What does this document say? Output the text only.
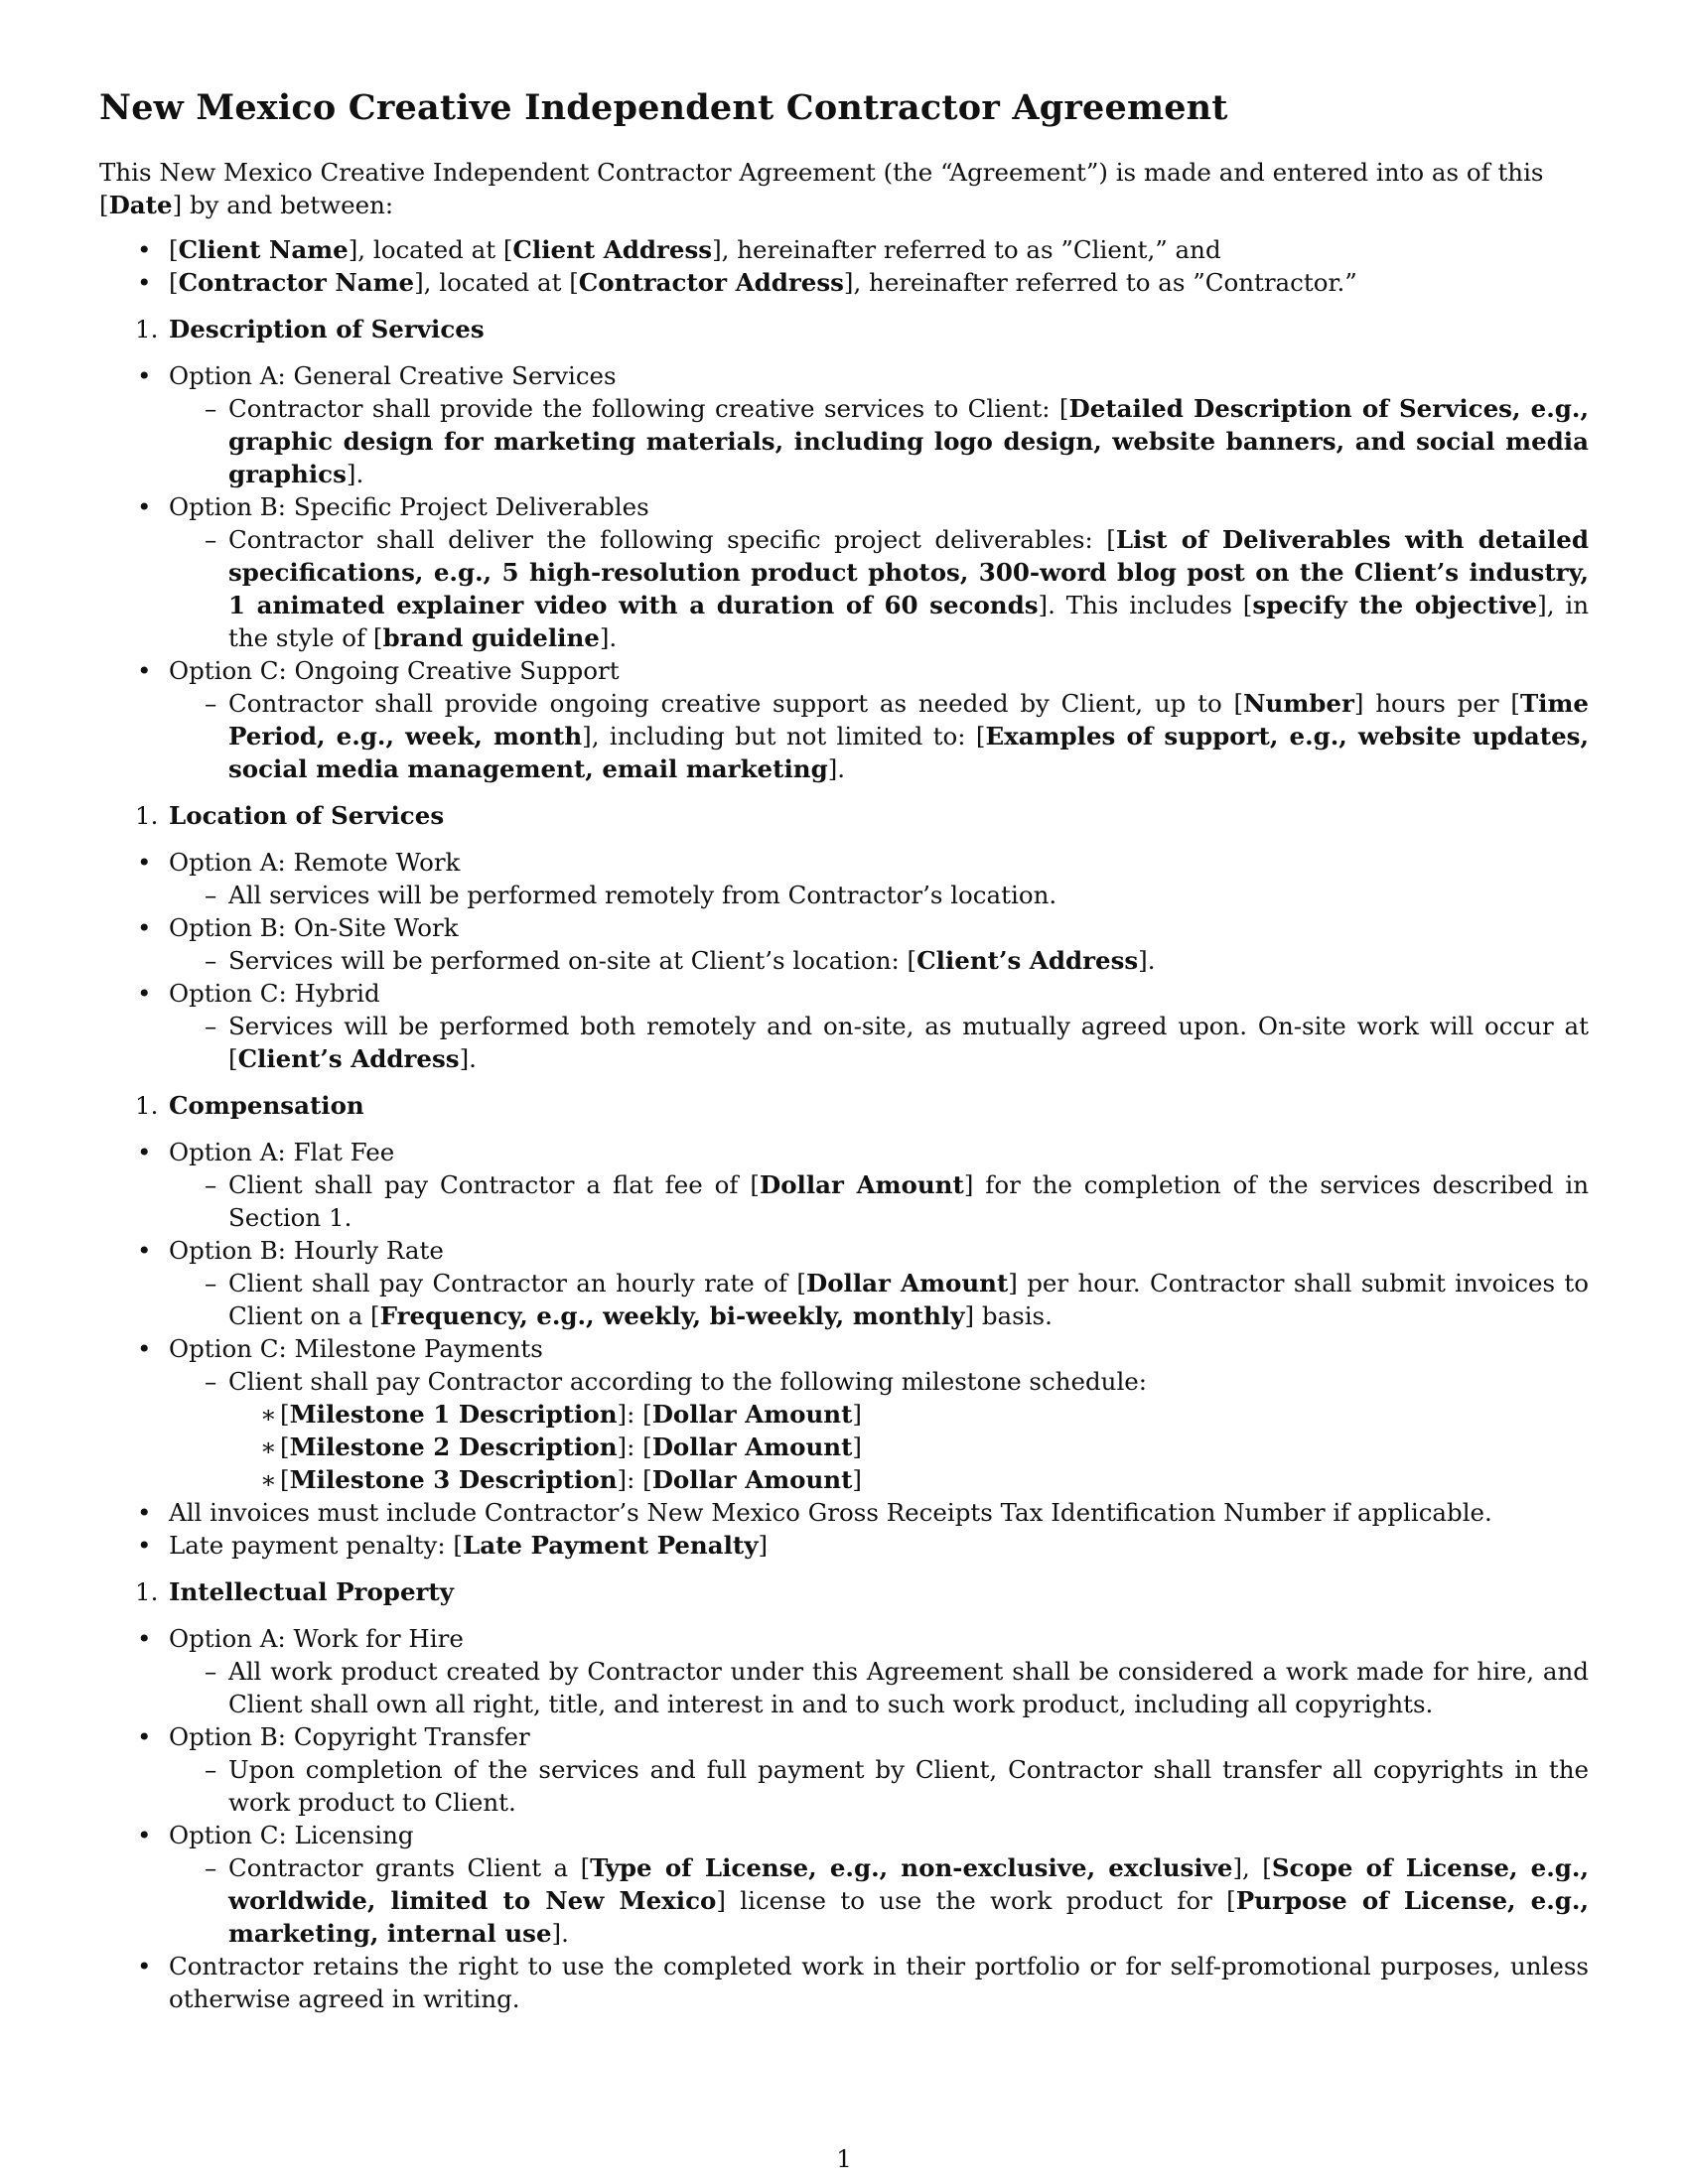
New Mexico Creative Independent Contractor Agreement

This New Mexico Creative Independent Contractor Agreement (the “Agreement”) is made and entered into as of this [Date] by and between:

• [Client Name], located at [Client Address], hereinafter referred to as ”Client,” and
• [Contractor Name], located at [Contractor Address], hereinafter referred to as ”Contractor.”
1. Description of Services
• Option A: General Creative Services
– Contractor shall provide the following creative services to Client: [Detailed Description of Services, e.g., graphic design for marketing materials, including logo design, website banners, and social media graphics].
• Option B: Specific Project Deliverables
– Contractor shall deliver the following specific project deliverables: [List of Deliverables with detailed specifications, e.g., 5 high-resolution product photos, 300-word blog post on the Client’s industry, 1 animated explainer video with a duration of 60 seconds]. This includes [specify the objective], in the style of [brand guideline].
• Option C: Ongoing Creative Support
– Contractor shall provide ongoing creative support as needed by Client, up to [Number] hours per [Time Period, e.g., week, month], including but not limited to: [Examples of support, e.g., website updates, social media management, email marketing].
1. Location of Services
• Option A: Remote Work
– All services will be performed remotely from Contractor’s location.
• Option B: On-Site Work
– Services will be performed on-site at Client’s location: [Client’s Address].
• Option C: Hybrid
– Services will be performed both remotely and on-site, as mutually agreed upon. On-site work will occur at [Client’s Address].
1. Compensation
• Option A: Flat Fee
– Client shall pay Contractor a flat fee of [Dollar Amount] for the completion of the services described in Section 1.
• Option B: Hourly Rate
– Client shall pay Contractor an hourly rate of [Dollar Amount] per hour. Contractor shall submit invoices to Client on a [Frequency, e.g., weekly, bi-weekly, monthly] basis.
• Option C: Milestone Payments
– Client shall pay Contractor according to the following milestone schedule:
∗ [Milestone 1 Description]: [Dollar Amount]
∗ [Milestone 2 Description]: [Dollar Amount]
∗ [Milestone 3 Description]: [Dollar Amount]
• All invoices must include Contractor’s New Mexico Gross Receipts Tax Identification Number if applicable.
• Late payment penalty: [Late Payment Penalty]
1. Intellectual Property
• Option A: Work for Hire
– All work product created by Contractor under this Agreement shall be considered a work made for hire, and Client shall own all right, title, and interest in and to such work product, including all copyrights.
• Option B: Copyright Transfer
– Upon completion of the services and full payment by Client, Contractor shall transfer all copyrights in the work product to Client.
• Option C: Licensing
– Contractor grants Client a [Type of License, e.g., non-exclusive, exclusive], [Scope of License, e.g., worldwide, limited to New Mexico] license to use the work product for [Purpose of License, e.g., marketing, internal use].
• Contractor retains the right to use the completed work in their portfolio or for self-promotional purposes, unless otherwise agreed in writing.
1
